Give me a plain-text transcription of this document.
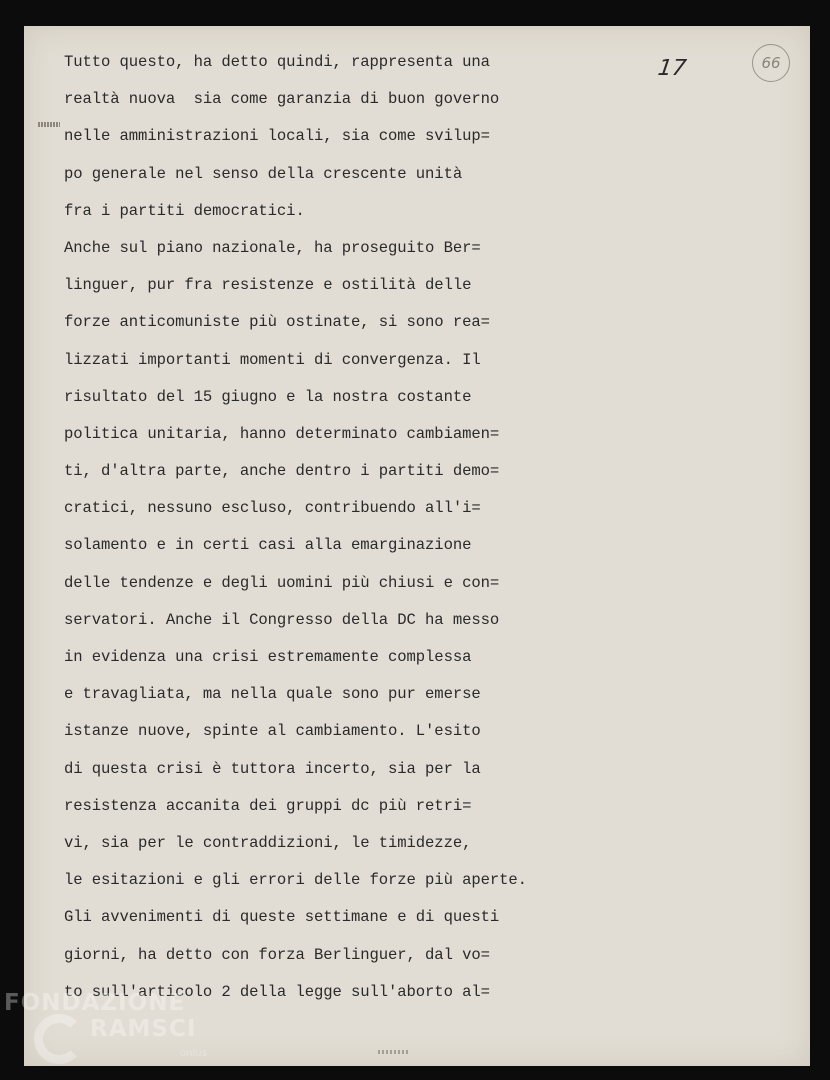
17	66
Tutto questo, ha detto quindi, rappresenta una
realtà nuova  sia come garanzia di buon governo
nelle amministrazioni locali, sia come svilup=
po generale nel senso della crescente unità
fra i partiti democratici.
Anche sul piano nazionale, ha proseguito Ber=
linguer, pur fra resistenze e ostilità delle
forze anticomuniste più ostinate, si sono rea=
lizzati importanti momenti di convergenza. Il
risultato del 15 giugno e la nostra costante
politica unitaria, hanno determinato cambiamen=
ti, d'altra parte, anche dentro i partiti demo=
cratici, nessuno escluso, contribuendo all'i=
solamento e in certi casi alla emarginazione
delle tendenze e degli uomini più chiusi e con=
servatori. Anche il Congresso della DC ha messo
in evidenza una crisi estremamente complessa
e travagliata, ma nella quale sono pur emerse
istanze nuove, spinte al cambiamento. L'esito
di questa crisi è tuttora incerto, sia per la
resistenza accanita dei gruppi dc più retri=
vi, sia per le contraddizioni, le timidezze,
le esitazioni e gli errori delle forze più aperte.
Gli avvenimenti di queste settimane e di questi
giorni, ha detto con forza Berlinguer, dal vo=
to sull'articolo 2 della legge sull'aborto al=
FONDAZIONE
RAMSCI
onlus
